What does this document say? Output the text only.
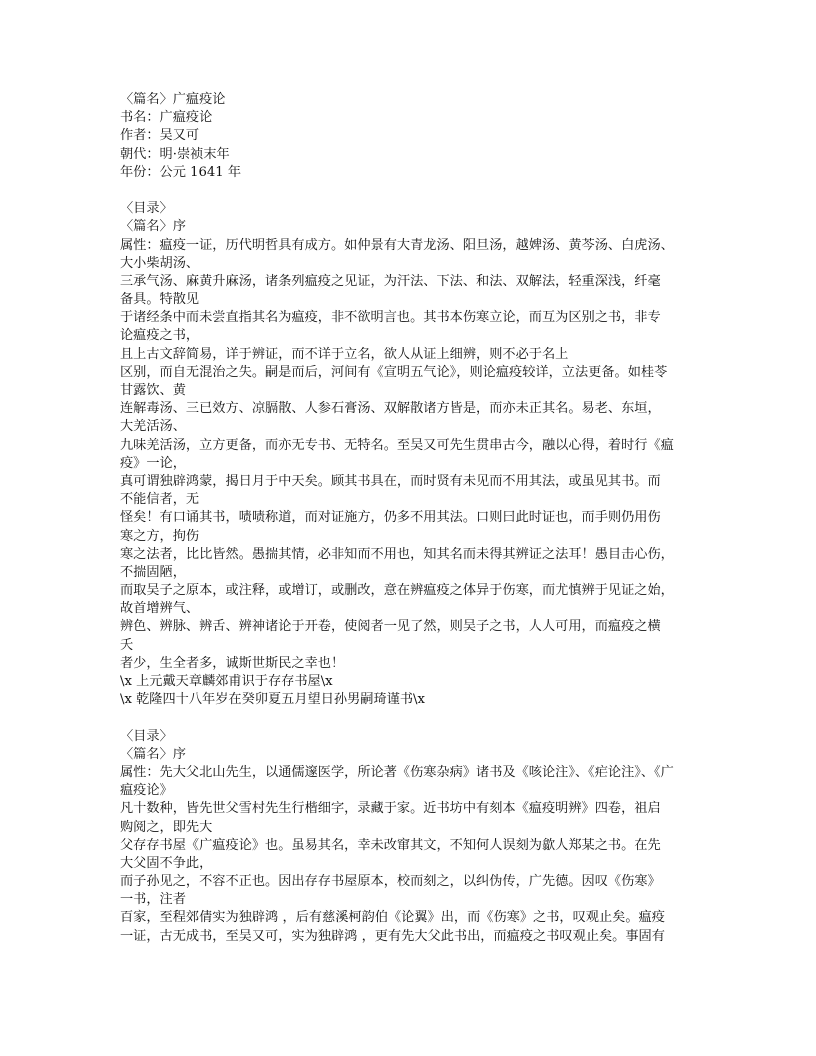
〈篇名〉广瘟疫论
书名：广瘟疫论
作者：吴又可
朝代：明·崇祯末年
年份：公元 1641 年
〈目录〉
〈篇名〉序
属性：瘟疫一证，历代明哲具有成方。如仲景有大青龙汤、阳旦汤，越婢汤、黄芩汤、白虎汤、
大小柴胡汤、
三承气汤、麻黄升麻汤，诸条列瘟疫之见证，为汗法、下法、和法、双解法，轻重深浅，纤毫
备具。特散见
于诸经条中而未尝直指其名为瘟疫，非不欲明言也。其书本伤寒立论，而互为区别之书，非专
论瘟疫之书，
且上古文辞简易，详于辨证，而不详于立名，欲人从证上细辨，则不必于名上
区别，而自无混治之失。嗣是而后，河间有《宣明五气论》，则论瘟疫较详，立法更备。如桂苓
甘露饮、黄
连解毒汤、三已效方、凉膈散、人参石膏汤、双解散诸方皆是，而亦未正其名。易老、东垣，
大羌活汤、
九味羌活汤，立方更备，而亦无专书、无特名。至吴又可先生贯串古今，融以心得，着时行《瘟
疫》一论，
真可谓独辟鸿蒙，揭日月于中天矣。顾其书具在，而时贤有未见而不用其法，或虽见其书。而
不能信者，无
怪矣！有口诵其书，啧啧称道，而对证施方，仍多不用其法。口则曰此时证也，而手则仍用伤
寒之方，拘伤
寒之法者，比比皆然。愚揣其情，必非知而不用也，知其名而未得其辨证之法耳！愚目击心伤，
不揣固陋，
而取吴子之原本，或注释，或增订，或删改，意在辨瘟疫之体异于伤寒，而尤慎辨于见证之始，
故首增辨气、
辨色、辨脉、辨舌、辨神诸论于开卷，使阅者一见了然，则吴子之书，人人可用，而瘟疫之横
夭
者少，生全者多，诚斯世斯民之幸也！
\x 上元戴天章麟郊甫识于存存书屋\x
\x 乾隆四十八年岁在癸卯夏五月望日孙男嗣琦谨书\x
〈目录〉
〈篇名〉序
属性：先大父北山先生，以通儒邃医学，所论著《伤寒杂病》诸书及《咳论注》、《疟论注》、《广
瘟疫论》
凡十数种，皆先世父雪村先生行楷细字，录藏于家。近书坊中有刻本《瘟疫明辨》四卷，祖启
购阅之，即先大
父存存书屋《广瘟疫论》也。虽易其名，幸未改窜其文，不知何人误刻为歙人郑某之书。在先
大父固不争此，
而子孙见之，不容不正也。因出存存书屋原本，校而刻之，以纠伪传，广先德。因叹《伤寒》
一书，注者
百家，至程郊倩实为独辟鸿 ，后有慈溪柯韵伯《论翼》出，而《伤寒》之书，叹观止矣。瘟疫
一证，古无成书，至吴又可，实为独辟鸿 ，更有先大父此书出，而瘟疫之书叹观止矣。事固有
